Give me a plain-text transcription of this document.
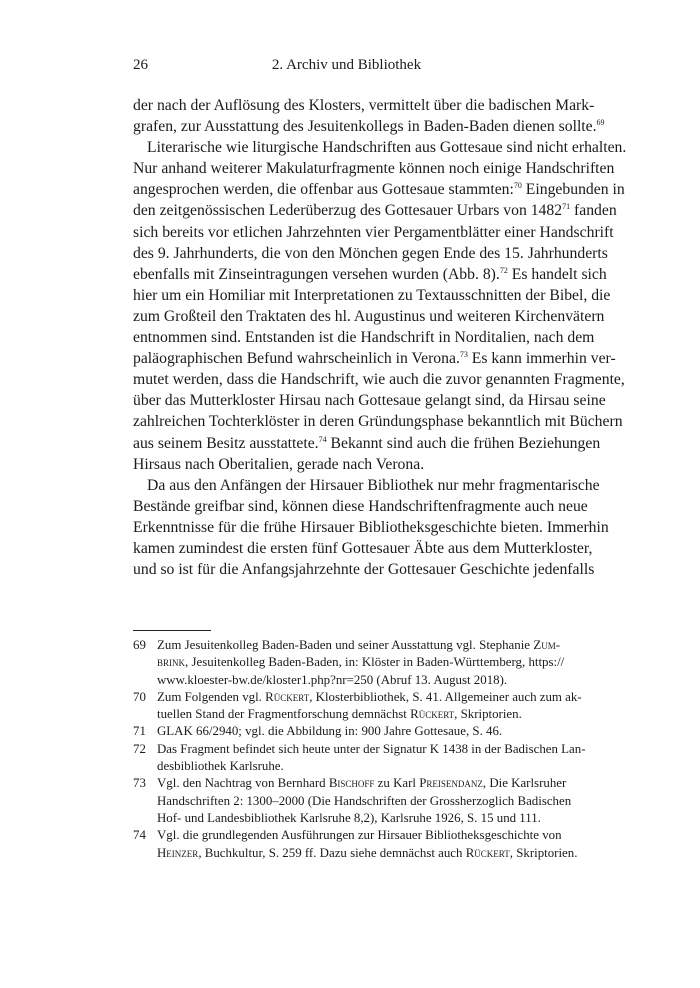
26	2. Archiv und Bibliothek
der nach der Auflösung des Klosters, vermittelt über die badischen Mark-
grafen, zur Ausstattung des Jesuitenkollegs in Baden-Baden dienen sollte.$^{69}$
Literarische wie liturgische Handschriften aus Gottesaue sind nicht erhalten.
Nur anhand weiterer Makulaturfragmente können noch einige Handschriften
angesprochen werden, die offenbar aus Gottesaue stammten:$^{70}$ Eingebunden in
den zeitgenössischen Lederüberzug des Gottesauer Urbars von 1482$^{71}$ fanden
sich bereits vor etlichen Jahrzehnten vier Pergamentblätter einer Handschrift
des 9. Jahrhunderts, die von den Mönchen gegen Ende des 15. Jahrhunderts
ebenfalls mit Zinseintragungen versehen wurden (Abb. 8).$^{72}$ Es handelt sich
hier um ein Homiliar mit Interpretationen zu Textausschnitten der Bibel, die
zum Großteil den Traktaten des hl. Augustinus und weiteren Kirchenvätern
entnommen sind. Entstanden ist die Handschrift in Norditalien, nach dem
paläographischen Befund wahrscheinlich in Verona.$^{73}$ Es kann immerhin ver-
mutet werden, dass die Handschrift, wie auch die zuvor genannten Fragmente,
über das Mutterkloster Hirsau nach Gottesaue gelangt sind, da Hirsau seine
zahlreichen Tochterklöster in deren Gründungsphase bekanntlich mit Büchern
aus seinem Besitz ausstattete.$^{74}$ Bekannt sind auch die frühen Beziehungen
Hirsaus nach Oberitalien, gerade nach Verona.
Da aus den Anfängen der Hirsauer Bibliothek nur mehr fragmentarische
Bestände greifbar sind, können diese Handschriftenfragmente auch neue
Erkenntnisse für die frühe Hirsauer Bibliotheksgeschichte bieten. Immerhin
kamen zumindest die ersten fünf Gottesauer Äbte aus dem Mutterkloster,
und so ist für die Anfangsjahrzehnte der Gottesauer Geschichte jedenfalls
69 Zum Jesuitenkolleg Baden-Baden und seiner Ausstattung vgl. Stephanie Zum-
brink, Jesuitenkolleg Baden-Baden, in: Klöster in Baden-Württemberg, https://
www.kloester-bw.de/kloster1.php?nr=250 (Abruf 13. August 2018).
70 Zum Folgenden vgl. Rückert, Klosterbibliothek, S. 41. Allgemeiner auch zum ak-
tuellen Stand der Fragmentforschung demnächst Rückert, Skriptorien.
71 GLAK 66/2940; vgl. die Abbildung in: 900 Jahre Gottesaue, S. 46.
72 Das Fragment befindet sich heute unter der Signatur K 1438 in der Badischen Lan-
desbibliothek Karlsruhe.
73 Vgl. den Nachtrag von Bernhard Bischoff zu Karl Preisendanz, Die Karlsruher
Handschriften 2: 1300–2000 (Die Handschriften der Grossherzoglich Badischen
Hof- und Landesbibliothek Karlsruhe 8,2), Karlsruhe 1926, S. 15 und 111.
74 Vgl. die grundlegenden Ausführungen zur Hirsauer Bibliotheksgeschichte von
Heinzer, Buchkultur, S. 259 ff. Dazu siehe demnächst auch Rückert, Skriptorien.
